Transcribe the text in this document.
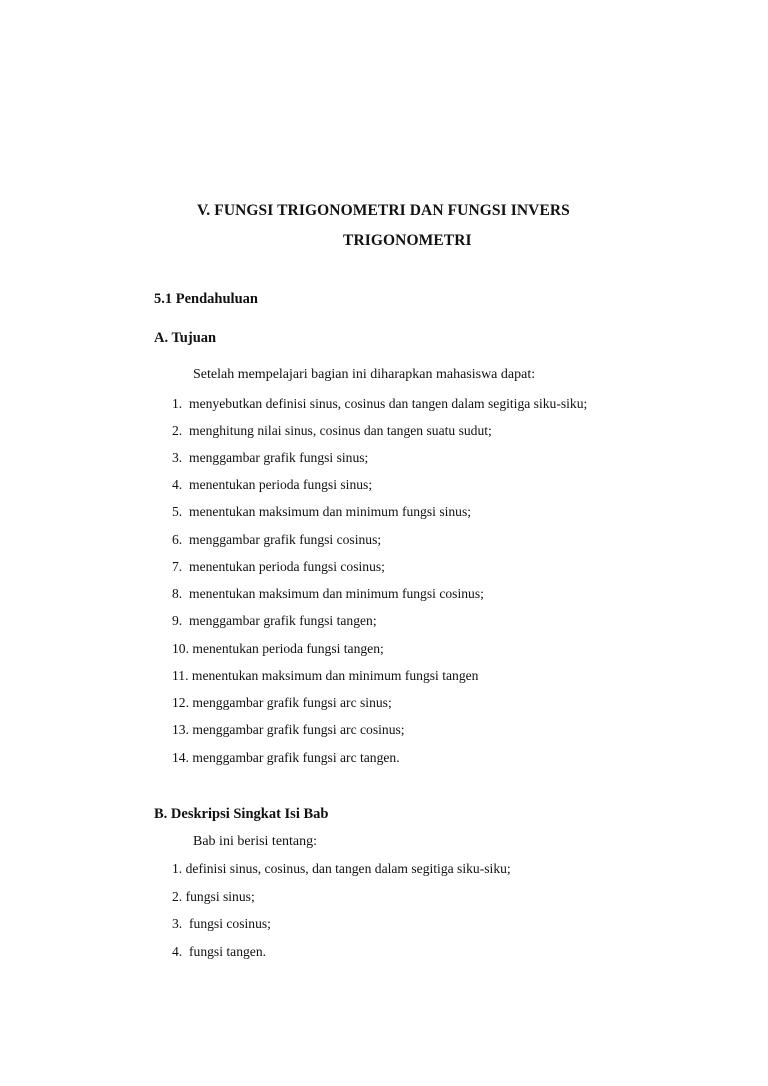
V. FUNGSI TRIGONOMETRI DAN FUNGSI INVERS
TRIGONOMETRI
5.1 Pendahuluan
A. Tujuan
Setelah mempelajari bagian ini diharapkan mahasiswa dapat:
1. menyebutkan definisi sinus, cosinus dan tangen dalam segitiga siku-siku;
2. menghitung nilai sinus, cosinus dan tangen suatu sudut;
3. menggambar grafik fungsi sinus;
4. menentukan perioda fungsi sinus;
5. menentukan maksimum dan minimum fungsi sinus;
6. menggambar grafik fungsi cosinus;
7. menentukan perioda fungsi cosinus;
8. menentukan maksimum dan minimum fungsi cosinus;
9. menggambar grafik fungsi tangen;
10. menentukan perioda fungsi tangen;
11. menentukan maksimum dan minimum fungsi tangen
12. menggambar grafik fungsi arc sinus;
13. menggambar grafik fungsi arc cosinus;
14. menggambar grafik fungsi arc tangen.
B. Deskripsi Singkat Isi Bab
Bab ini berisi tentang:
1. definisi sinus, cosinus, dan tangen dalam segitiga siku-siku;
2. fungsi sinus;
3. fungsi cosinus;
4. fungsi tangen.
